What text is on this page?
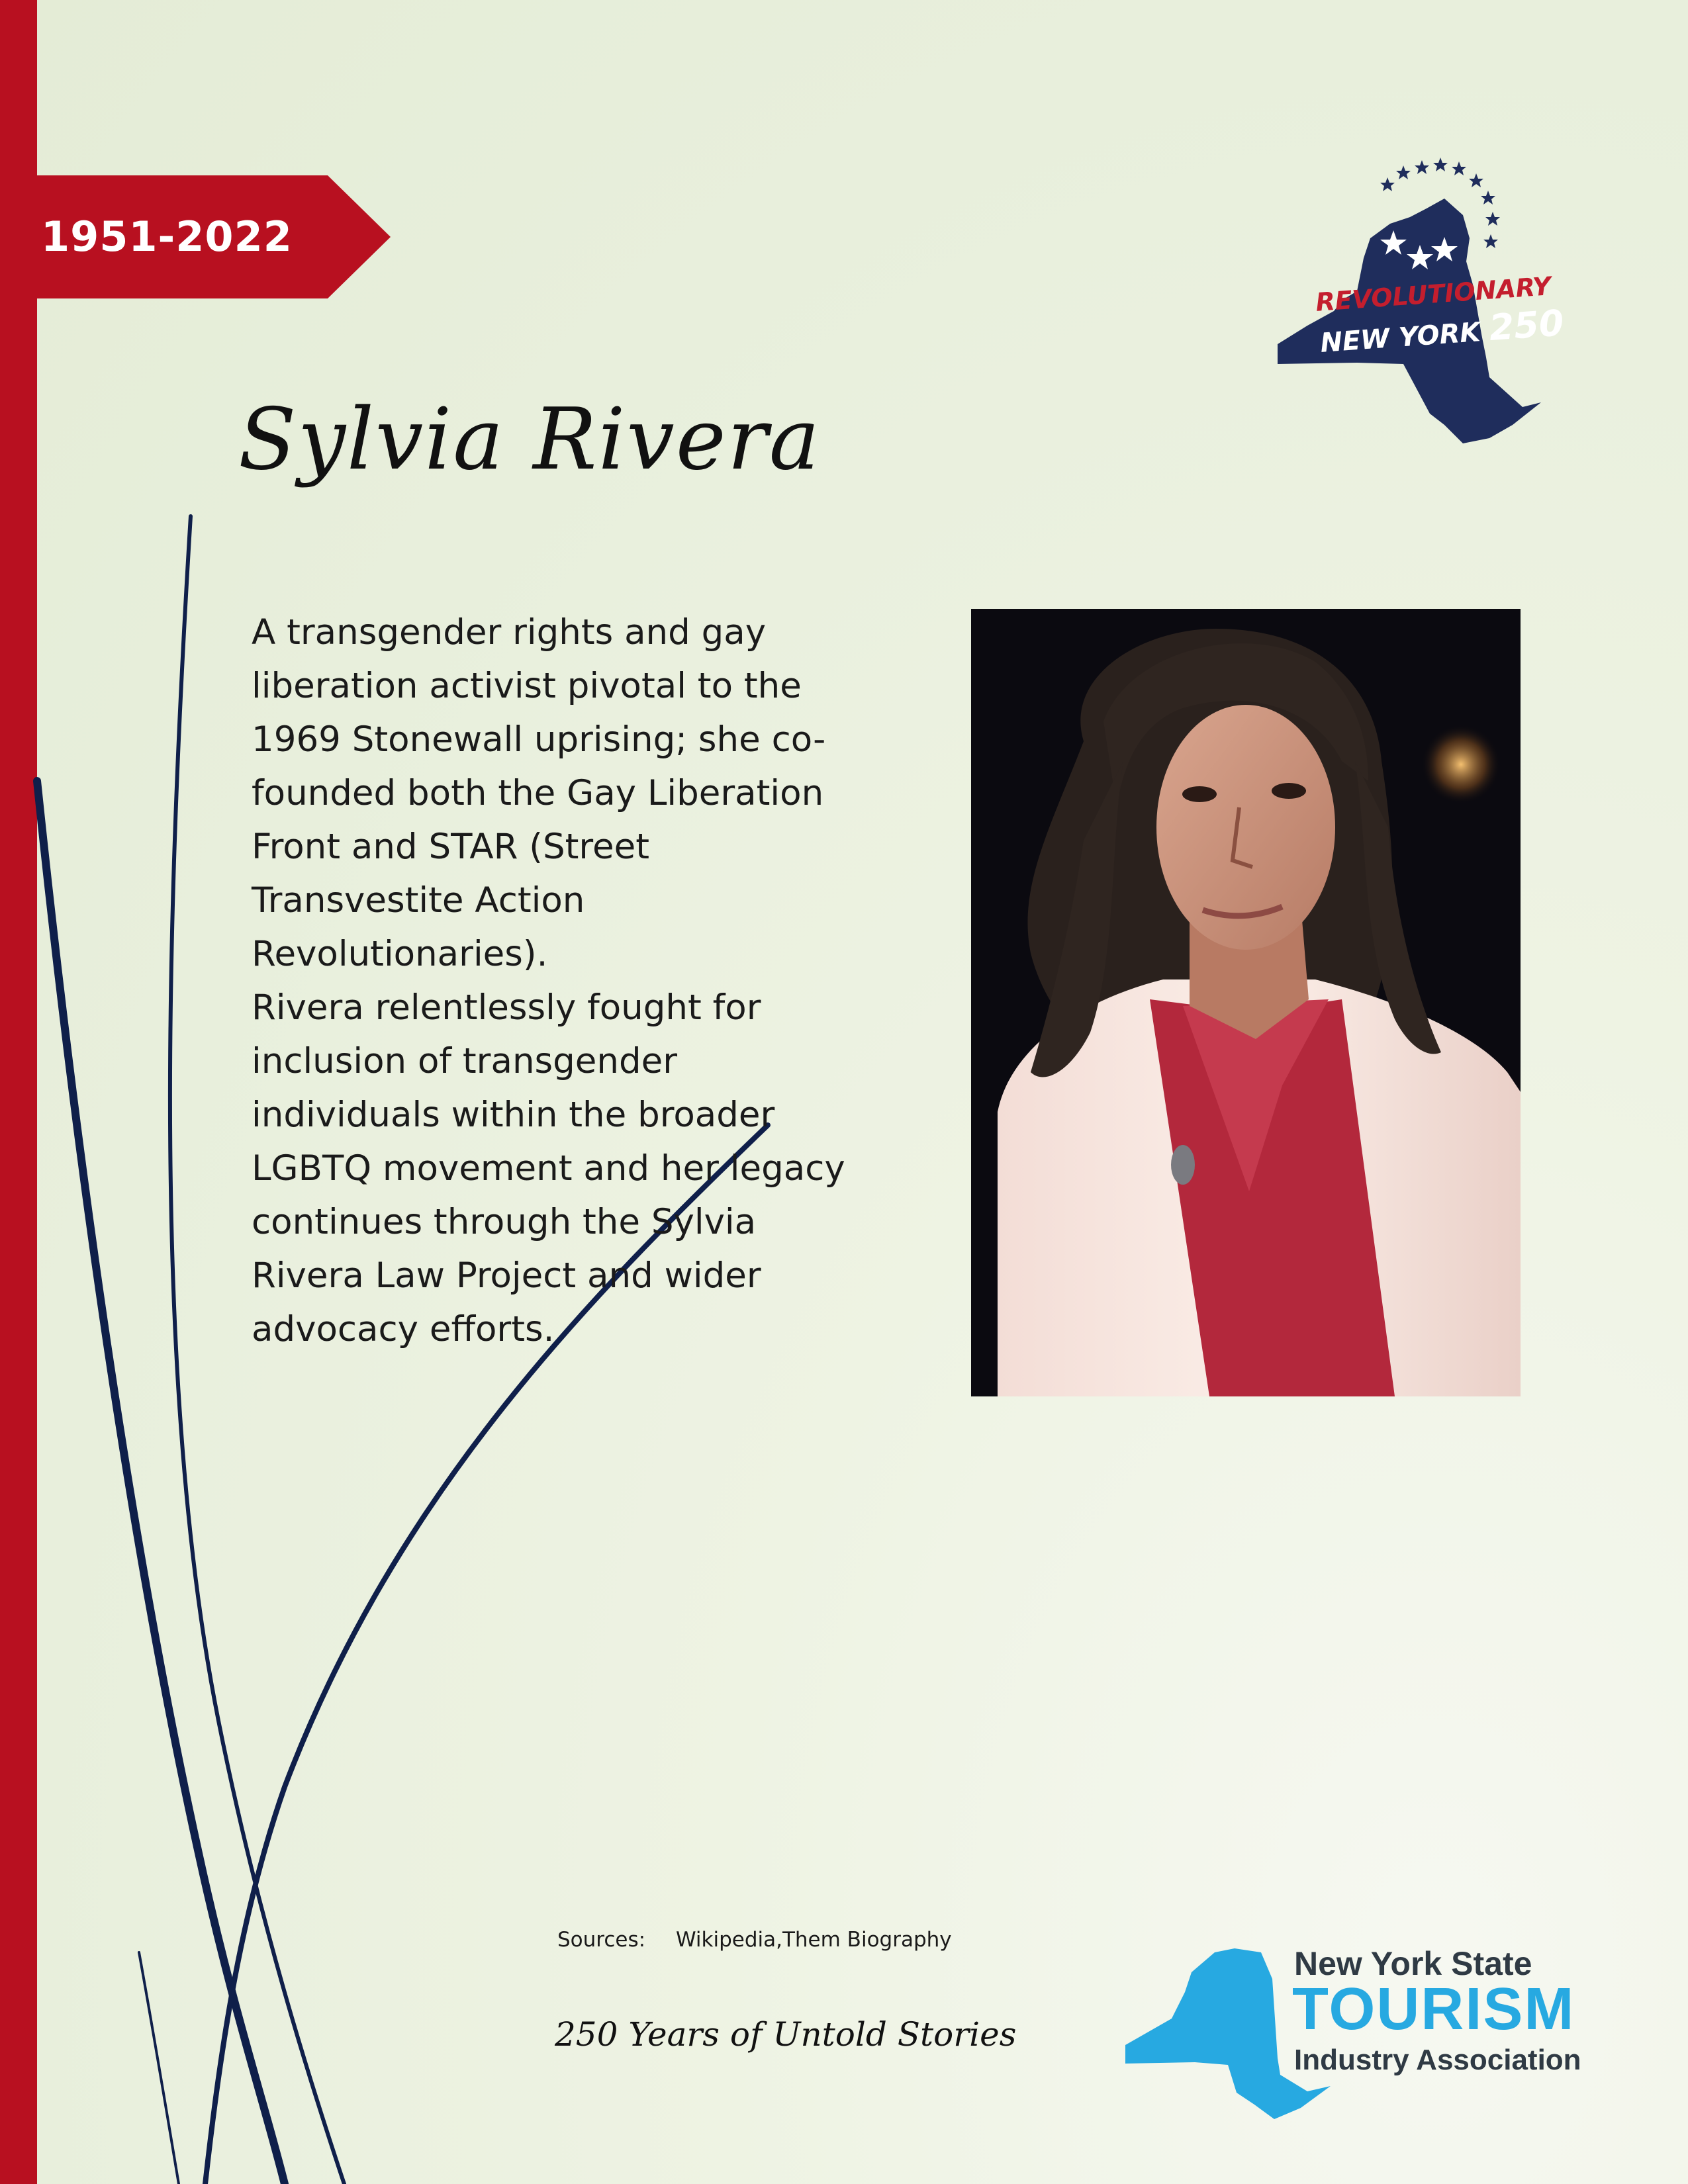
1951-2022
REVOLUTIONARY
NEW YORK 250
Sylvia Rivera

A transgender rights and gay liberation activist pivotal to the 1969 Stonewall uprising; she co-founded both the Gay Liberation Front and STAR (Street Transvestite Action Revolutionaries).

Rivera relentlessly fought for inclusion of transgender individuals within the broader LGBTQ movement and her legacy continues through the Sylvia Rivera Law Project and wider advocacy efforts.

Sources: Wikipedia,Them Biography
250 Years of Untold Stories
New York State
TOURISM
Industry Association
